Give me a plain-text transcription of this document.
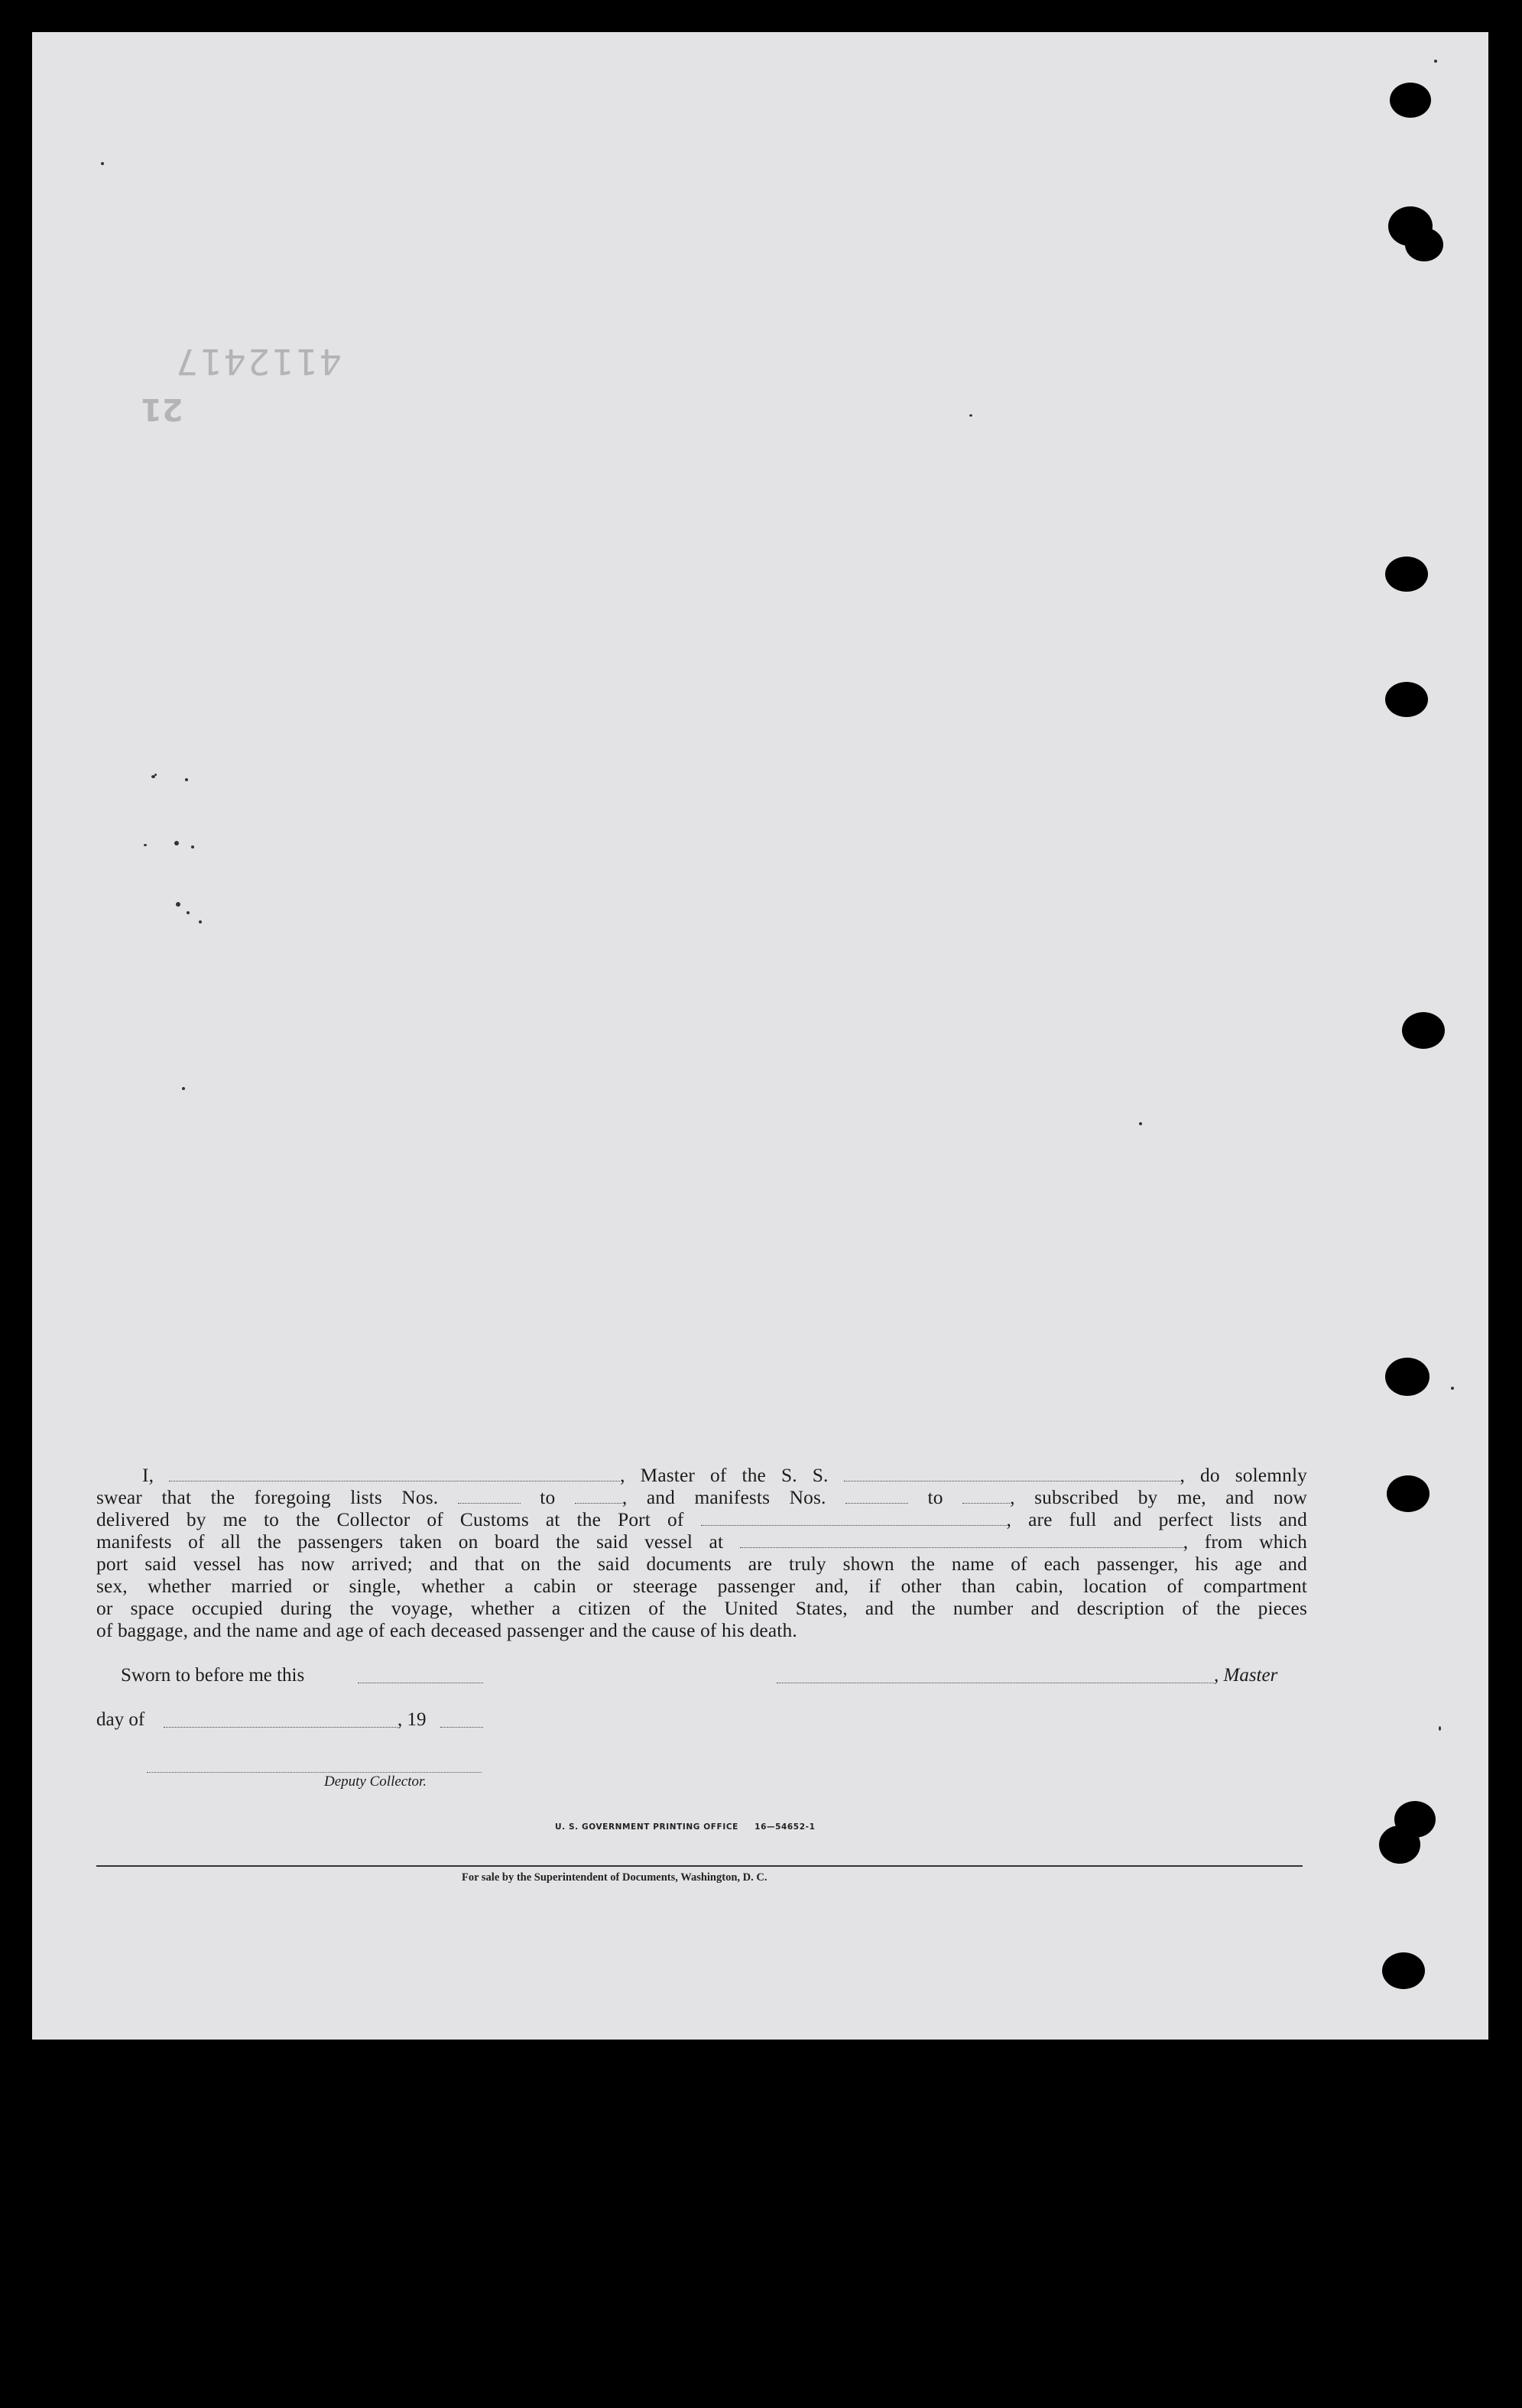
4112417
21
I,	, Master of the S. S.	, do solemnly
swear that the foregoing lists Nos.	to	, and manifests Nos.	to	, subscribed by me, and now
delivered by me to the Collector of Customs at the Port of	, are full and perfect lists and
manifests of all the passengers taken on board the said vessel at	, from which
port said vessel has now arrived; and that on the said documents are truly shown the name of each passenger, his age and
sex, whether married or single, whether a cabin or steerage passenger and, if other than cabin, location of compartment
or space occupied during the voyage, whether a citizen of the United States, and the number and description of the pieces
of baggage, and the name and age of each deceased passenger and the cause of his death.
Sworn to before me this	, Master
day of	, 19
Deputy Collector.
U. S. GOVERNMENT PRINTING OFFICE     16—54652-1
For sale by the Superintendent of Documents, Washington, D. C.
